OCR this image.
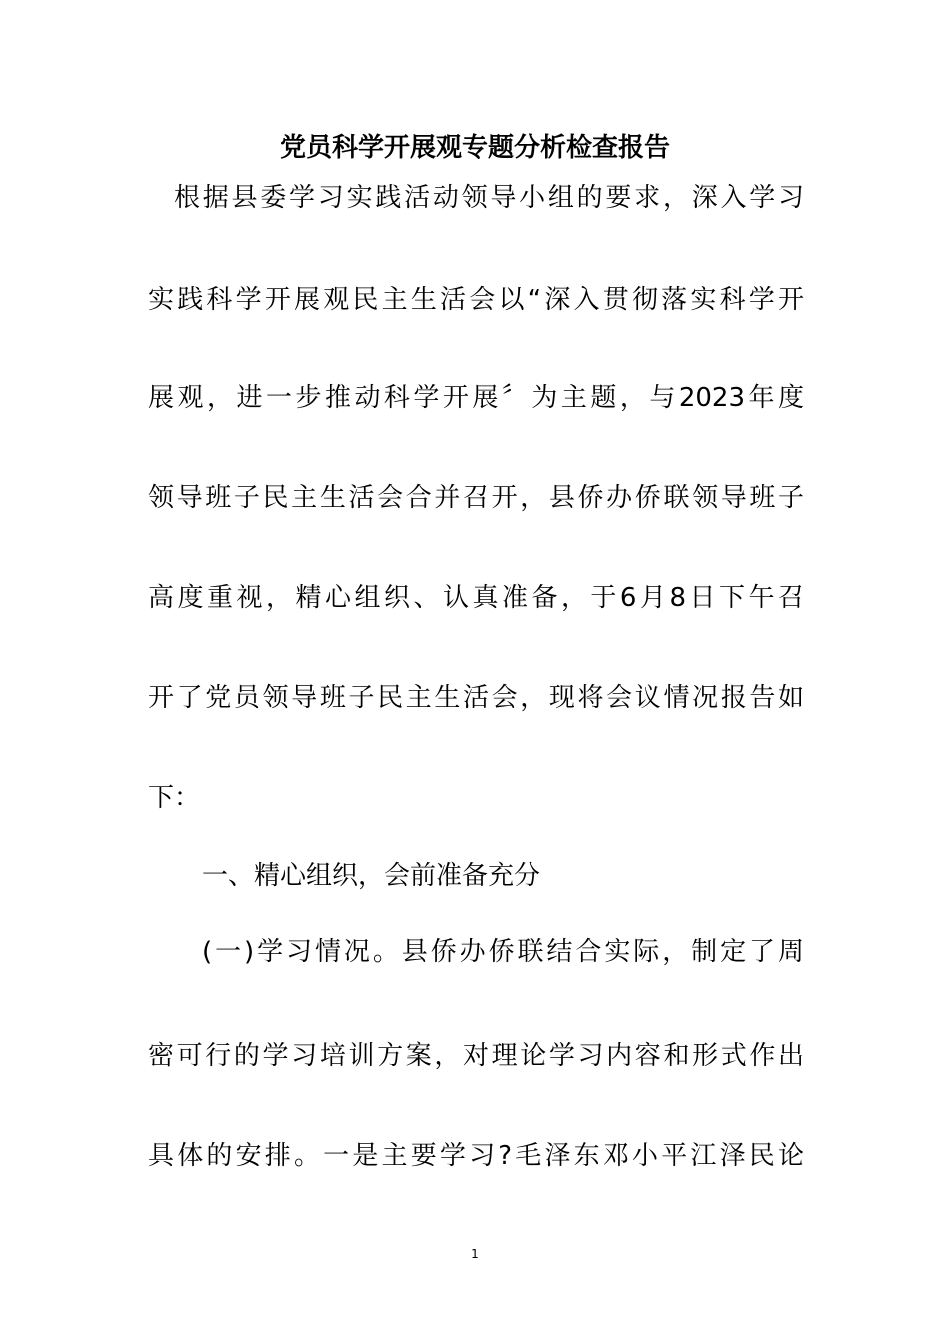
党员科学开展观专题分析检查报告
根据县委学习实践活动领导小组的要求，深入学习
实践科学开展观民主生活会以“深入贯彻落实科学开
展观，进一步推动科学开展〞为主题，与2023年度
领导班子民主生活会合并召开，县侨办侨联领导班子
高度重视，精心组织、认真准备，于6月8日下午召
开了党员领导班子民主生活会，现将会议情况报告如
下：
一、精心组织，会前准备充分
(一)学习情况。县侨办侨联结合实际，制定了周
密可行的学习培训方案，对理论学习内容和形式作出
具体的安排。一是主要学习?毛泽东邓小平江泽民论
1
